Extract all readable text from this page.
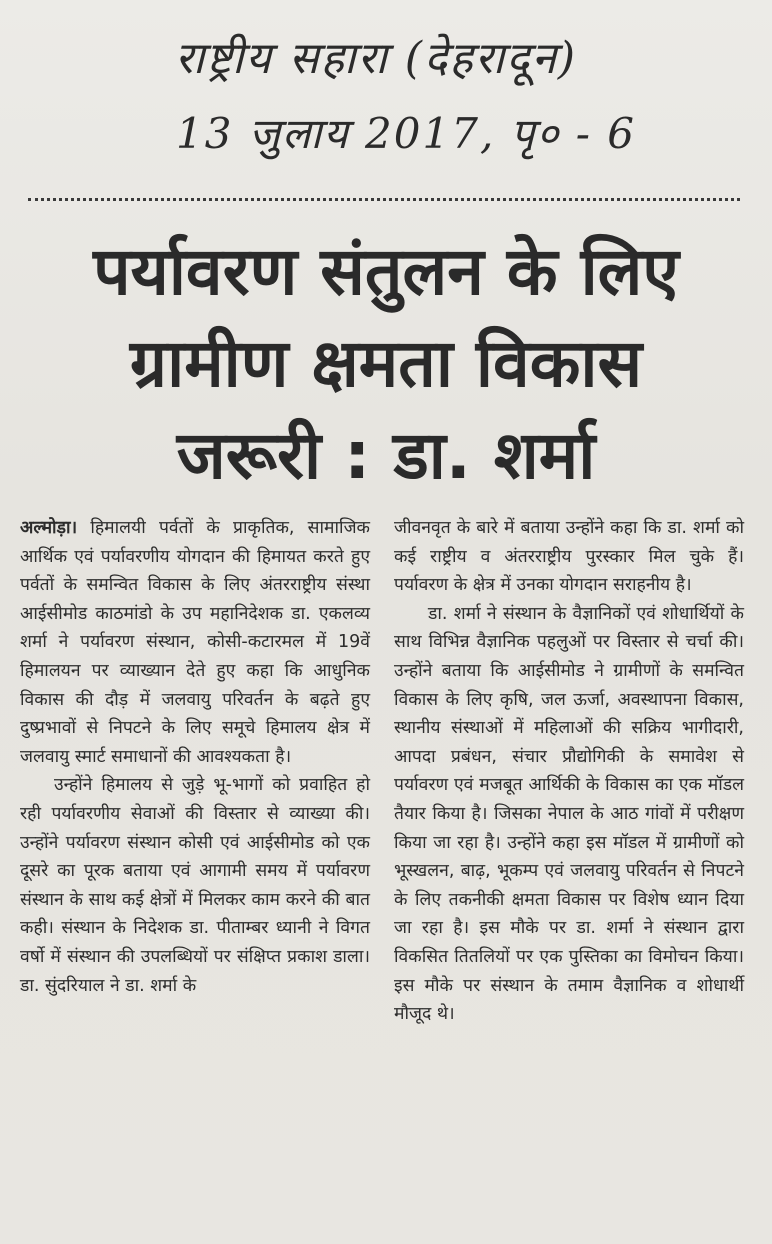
राष्ट्रीय सहारा (देहरादून)
13 जुलाय 2017, पृ० - 6
पर्यावरण संतुलन के लिए
ग्रामीण क्षमता विकास
जरूरी : डा. शर्मा

अल्मोड़ा। हिमालयी पर्वतों के प्राकृतिक, सामाजिक आर्थिक एवं पर्यावरणीय योगदान की हिमायत करते हुए पर्वतों के समन्वित विकास के लिए अंतरराष्ट्रीय संस्था आईसीमोड काठमांडो के उप महानिदेशक डा. एकलव्य शर्मा ने पर्यावरण संस्थान, कोसी-कटारमल में 19वें हिमालयन पर व्याख्यान देते हुए कहा कि आधुनिक विकास की दौड़ में जलवायु परिवर्तन के बढ़ते हुए दुष्प्रभावों से निपटने के लिए समूचे हिमालय क्षेत्र में जलवायु स्मार्ट समाधानों की आवश्यकता है।

उन्होंने हिमालय से जुड़े भू-भागों को प्रवाहित हो रही पर्यावरणीय सेवाओं की विस्तार से व्याख्या की। उन्होंने पर्यावरण संस्थान कोसी एवं आईसीमोड को एक दूसरे का पूरक बताया एवं आगामी समय में पर्यावरण संस्थान के साथ कई क्षेत्रों में मिलकर काम करने की बात कही। संस्थान के निदेशक डा. पीताम्बर ध्यानी ने विगत वर्षो में संस्थान की उपलब्धियों पर संक्षिप्त प्रकाश डाला। डा. सुंदरियाल ने डा. शर्मा के

जीवनवृत के बारे में बताया उन्होंने कहा कि डा. शर्मा को कई राष्ट्रीय व अंतरराष्ट्रीय पुरस्कार मिल चुके हैं। पर्यावरण के क्षेत्र में उनका योगदान सराहनीय है।

डा. शर्मा ने संस्थान के वैज्ञानिकों एवं शोधार्थियों के साथ विभिन्न वैज्ञानिक पहलुओं पर विस्तार से चर्चा की। उन्होंने बताया कि आईसीमोड ने ग्रामीणों के समन्वित विकास के लिए कृषि, जल ऊर्जा, अवस्थापना विकास, स्थानीय संस्थाओं में महिलाओं की सक्रिय भागीदारी, आपदा प्रबंधन, संचार प्रौद्योगिकी के समावेश से पर्यावरण एवं मजबूत आर्थिकी के विकास का एक मॉडल तैयार किया है। जिसका नेपाल के आठ गांवों में परीक्षण किया जा रहा है। उन्होंने कहा इस मॉडल में ग्रामीणों को भूस्खलन, बाढ़, भूकम्प एवं जलवायु परिवर्तन से निपटने के लिए तकनीकी क्षमता विकास पर विशेष ध्यान दिया जा रहा है। इस मौके पर डा. शर्मा ने संस्थान द्वारा विकसित तितलियों पर एक पुस्तिका का विमोचन किया। इस मौके पर संस्थान के तमाम वैज्ञानिक व शोधार्थी मौजूद थे।
